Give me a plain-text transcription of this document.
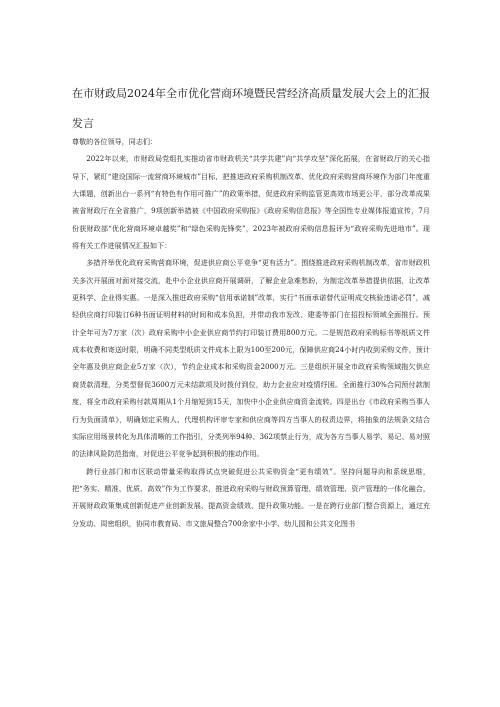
在市财政局2024年全市优化营商环境暨民营经济高质量发展大会上的汇报发言

尊敬的各位领导，同志们：

2022年以来，市财政局党组扎实推动省市财政机关“共学共建”向“共学攻坚”深化拓展，在省财政厅的关心指导下，紧盯“建设国际一流营商环境城市”目标，把推进政府采购机制改革、优化政府采购营商环境作为部门年度重大课题，创新出台一系列“有特色有作用可推广”的政策举措，促进政府采购监管更高效市场更公平，部分改革成果被省财政厅在全省推广，9项创新举措被《中国政府采购报》《政府采购信息报》等全国性专业媒体报道宣传，7月份获财政部“优化营商环境卓越奖”和“绿色采购先锋奖”，2023年被政府采购信息报评为“政府采购先进地市”。现将有关工作进展情况汇报如下：

多措并举优化政府采购营商环境，促进供应商公平竞争“更有活力”。围绕推进政府采购机制改革，省市财政机关多次开展面对面对接交流，赴中小企业供应商开展调研，了解企业急难愁盼，为制定改革举措提供依据，让改革更科学、企业得实惠。一是深入推进政府采购“信用承诺制”改革，实行“书面承诺替代证明成交核验违诺必罚”，减轻供应商打印装订6种书面证明材料的时间和成本负担，并带动我市发改、建委等部门在招投标领域全面推行。预计全年可为7万家（次）政府采购中小企业供应商节约打印装订费用800万元。二是规范政府采购标书等纸质文件成本收费和寄送时限，明确不同类型纸质文件成本上限为100至200元，保障供应商24小时内收到采购文件，预计全年惠及供应商企业5万家（次），节约企业成本和采购资金2000万元。三是组织开展全市政府采购领域拖欠供应商货款清理，分类型督促3600万元未结款项及时拨付到位，助力企业应对疫情纾困。全面推行30%合同预付款制度，将全市政府采购付款周期从1个月缩短到15天，加快中小企业供应商资金流转。四是出台《市政府采购当事人行为负面清单》，明确划定采购人、代理机构评审专家和供应商等四方当事人的权责边界，将抽象的法规条文结合实际应用场景转化为具体清晰的工作指引，分类列举94种、362项禁止行为，成为各方当事人易学、易记、易对照的法律风险防范指南，对促进公平竞争起到积极的推动作用。

跨行业部门和市区联动带量采购取得试点突破促进公共采购资金“更有绩效”。坚持问题导向和系统思维，把“务实、精准、优质、高效”作为工作要求，推进政府采购与财政预算管理、绩效管理、资产管理的一体化融合，开展财政政策集成创新促进产业创新发展、提高资金绩效、提升政策功能。一是在跨行业部门整合资源上，通过充分发动、周密组织，协同市教育局、市文旅局整合700余家中小学、幼儿园和公共文化图书
